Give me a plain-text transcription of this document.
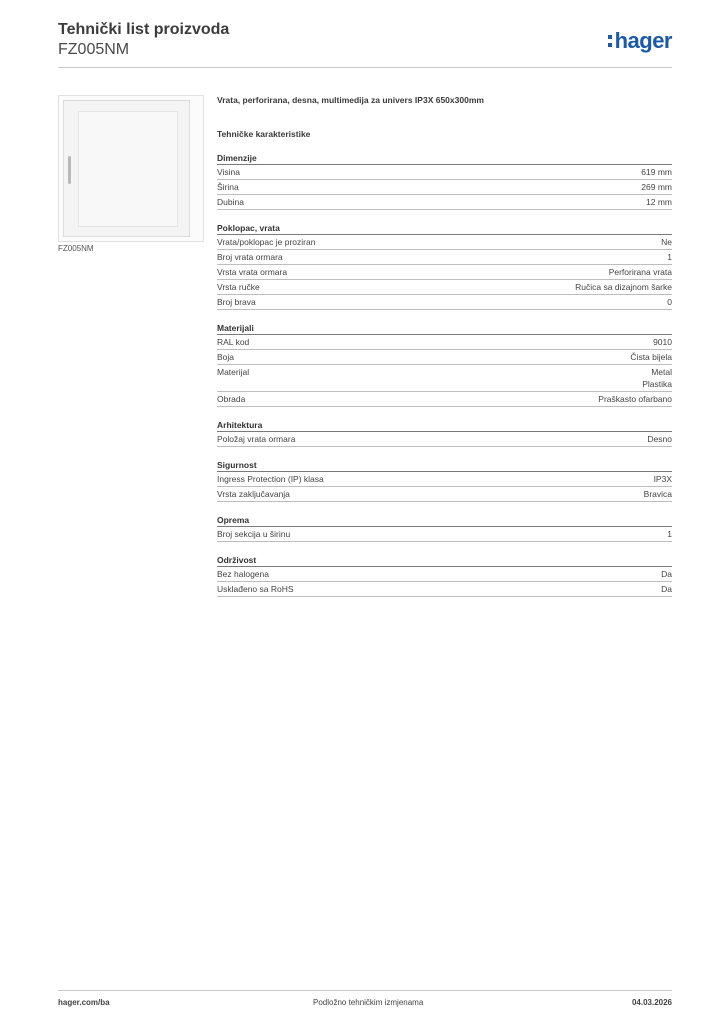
Tehnički list proizvoda
FZ005NM	hager
FZ005NM
Vrata, perforirana, desna, multimedija za univers IP3X 650x300mm
Tehničke karakteristike
Dimenzije
Visina	619 mm
Širina	269 mm
Dubina	12 mm
Poklopac, vrata
Vrata/poklopac je proziran	Ne
Broj vrata ormara	1
Vrsta vrata ormara	Perforirana vrata
Vrsta ručke	Ručica sa dizajnom šarke
Broj brava	0
Materijali
RAL kod	9010
Boja	Čista bijela
Materijal	Metal
Plastika
Obrada	Praškasto ofarbano
Arhitektura
Položaj vrata ormara	Desno
Sigurnost
Ingress Protection (IP) klasa	IP3X
Vrsta zaključavanja	Bravica
Oprema
Broj sekcija u širinu	1
Održivost
Bez halogena	Da
Usklađeno sa RoHS	Da
hager.com/ba	Podložno tehničkim izmjenama	04.03.2026
